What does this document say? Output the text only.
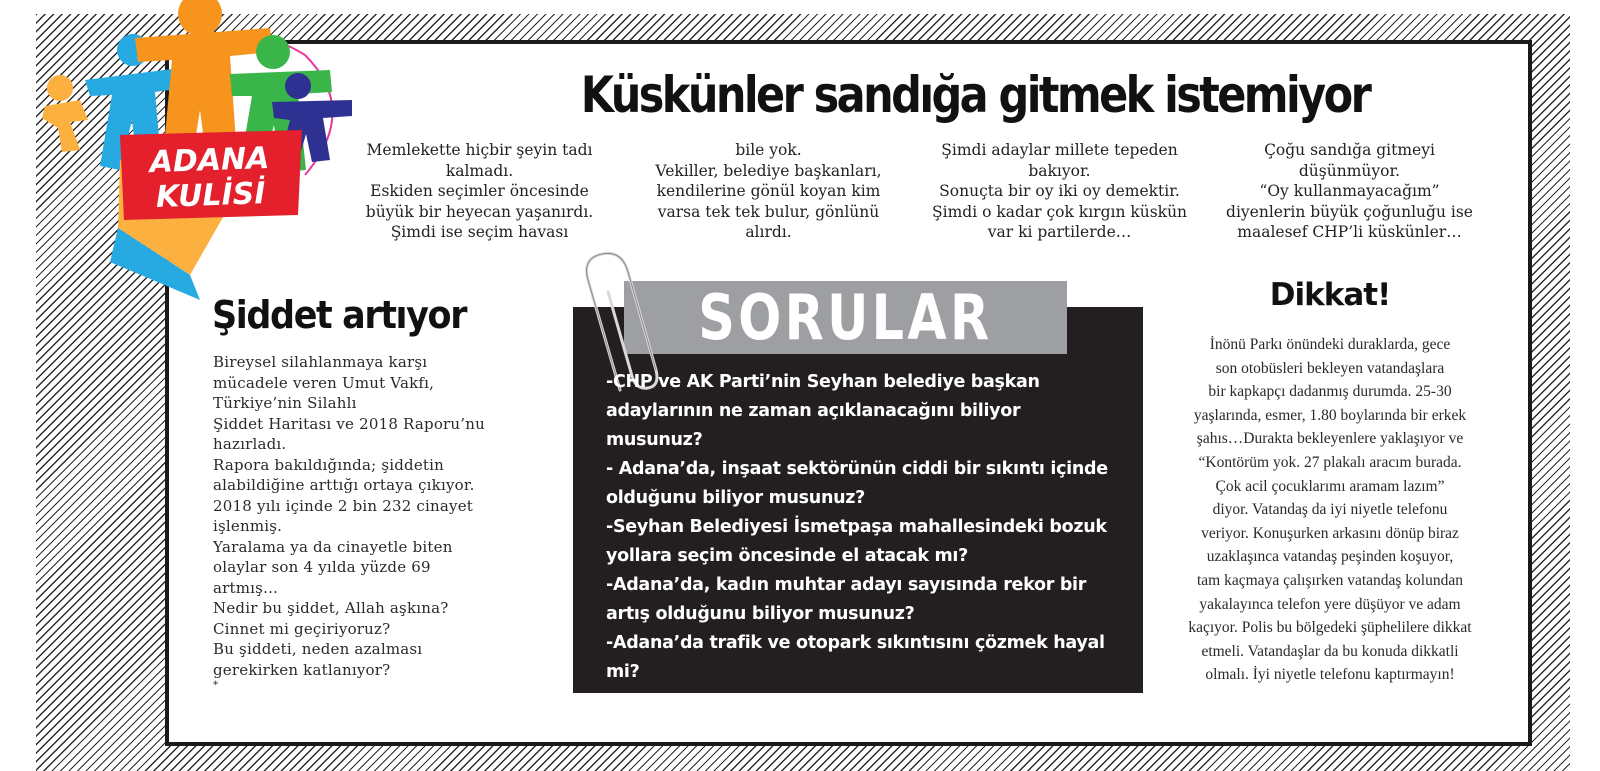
ADANA
KULİSİ
Küskünler sandığa gitmek istemiyor
Memlekette hiçbir şeyin tadı
kalmadı.
Eskiden seçimler öncesinde
büyük bir heyecan yaşanırdı.
Şimdi ise seçim havası
bile yok.
Vekiller, belediye başkanları,
kendilerine gönül koyan kim
varsa tek tek bulur, gönlünü
alırdı.
Şimdi adaylar millete tepeden
bakıyor.
Sonuçta bir oy iki oy demektir.
Şimdi o kadar çok kırgın küskün
var ki partilerde…
Çoğu sandığa gitmeyi
düşünmüyor.
“Oy kullanmayacağım”
diyenlerin büyük çoğunluğu ise
maalesef CHP’li küskünler…
Şiddet artıyor
Bireysel silahlanmaya karşı
mücadele veren Umut Vakfı,
Türkiye’nin Silahlı
Şiddet Haritası ve 2018 Raporu’nu
hazırladı.
Rapora bakıldığında; şiddetin
alabildiğine arttığı ortaya çıkıyor.
2018 yılı içinde 2 bin 232 cinayet
işlenmiş.
Yaralama ya da cinayetle biten
olaylar son 4 yılda yüzde 69
artmış…
Nedir bu şiddet, Allah aşkına?
Cinnet mi geçiriyoruz?
Bu şiddeti, neden azalması
gerekirken katlanıyor?
*
SORULAR
-CHP ve AK Parti’nin Seyhan belediye başkan
adaylarının ne zaman açıklanacağını biliyor
musunuz?
- Adana’da, inşaat sektörünün ciddi bir sıkıntı içinde
olduğunu biliyor musunuz?
-Seyhan Belediyesi İsmetpaşa mahallesindeki bozuk
yollara seçim öncesinde el atacak mı?
-Adana’da, kadın muhtar adayı sayısında rekor bir
artış olduğunu biliyor musunuz?
-Adana’da trafik ve otopark sıkıntısını çözmek hayal
mi?
Dikkat!
İnönü Parkı önündeki duraklarda, gece
son otobüsleri bekleyen vatandaşlara
bir kapkapçı dadanmış durumda. 25-30
yaşlarında, esmer, 1.80 boylarında bir erkek
şahıs…Durakta bekleyenlere yaklaşıyor ve
“Kontörüm yok. 27 plakalı aracım burada.
Çok acil çocuklarımı aramam lazım”
diyor. Vatandaş da iyi niyetle telefonu
veriyor. Konuşurken arkasını dönüp biraz
uzaklaşınca vatandaş peşinden koşuyor,
tam kaçmaya çalışırken vatandaş kolundan
yakalayınca telefon yere düşüyor ve adam
kaçıyor. Polis bu bölgedeki şüphelilere dikkat
etmeli. Vatandaşlar da bu konuda dikkatli
olmalı. İyi niyetle telefonu kaptırmayın!
